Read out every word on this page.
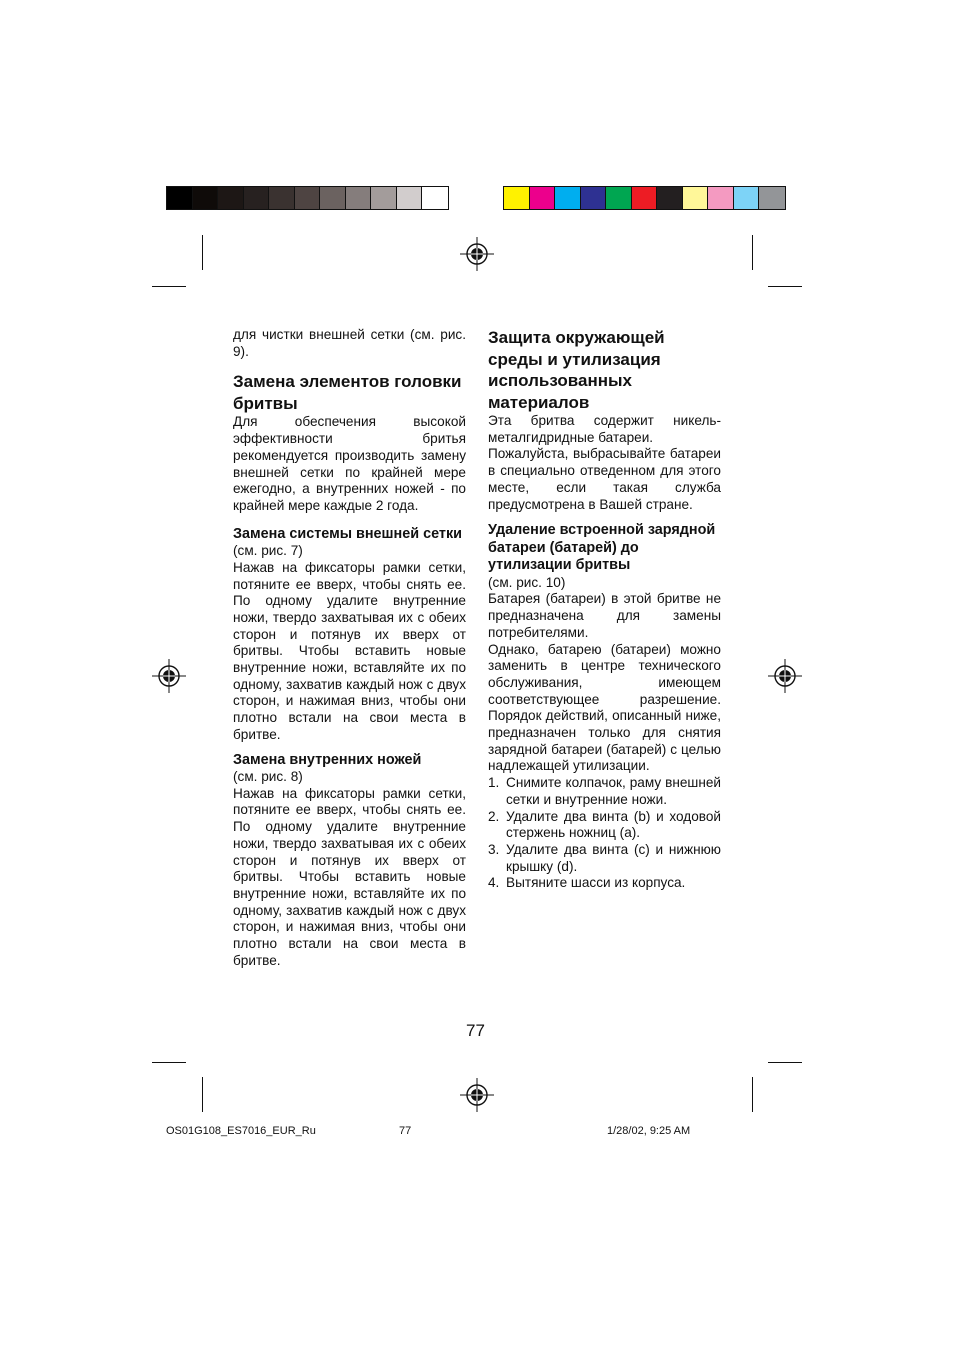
для чистки внешней сетки (см. рис. 9).

Замена элементов головки бритвы

Для обеспечения высокой эффективности бритья рекомендуется производить замену внешней сетки по крайней мере ежегодно, а внутренних ножей - по крайней мере каждые 2 года.

Замена системы внешней сетки

(см. рис. 7)

Нажав на фиксаторы рамки сетки, потяните ее вверх, чтобы снять ее. По одному удалите внутренние ножи, твердо захватывая их с обеих сторон и потянув их вверх от бритвы. Чтобы вставить новые внутренние ножи, вставляйте их по одному, захватив каждый нож с двух сторон, и нажимая вниз, чтобы они плотно встали на свои места в бритве.

Замена внутренних ножей

(см. рис. 8)

Нажав на фиксаторы рамки сетки, потяните ее вверх, чтобы снять ее. По одному удалите внутренние ножи, твердо захватывая их с обеих сторон и потянув их вверх от бритвы. Чтобы вставить новые внутренние ножи, вставляйте их по одному, захватив каждый нож с двух сторон, и нажимая вниз, чтобы они плотно встали на свои места в бритве.

Защита окружающей среды и утилизация использованных материалов

Эта бритва содержит никель-металгидридные батареи.

Пожалуйста, выбрасывайте батареи в специально отведенном для этого месте, если такая служба предусмотрена в Вашей стране.

Удаление встроенной зарядной батареи (батарей) до утилизации бритвы

(см. рис. 10)

Батарея (батареи) в этой бритве не предназначена для замены потребителями.

Однако, батарею (батареи) можно заменить в центре технического обслуживания, имеющем соответствующее разрешение. Порядок действий, описанный ниже, предназначен только для снятия зарядной батареи (батарей) с целью надлежащей утилизации.

1. Снимите колпачок, раму внешней сетки и внутренние ножи.
2. Удалите два винта (b) и ходовой стержень ножниц (a).
3. Удалите два винта (c) и нижнюю крышку (d).
4. Вытяните шасси из корпуса.
77
OS01G108_ES7016_EUR_Ru	77	1/28/02, 9:25 AM
